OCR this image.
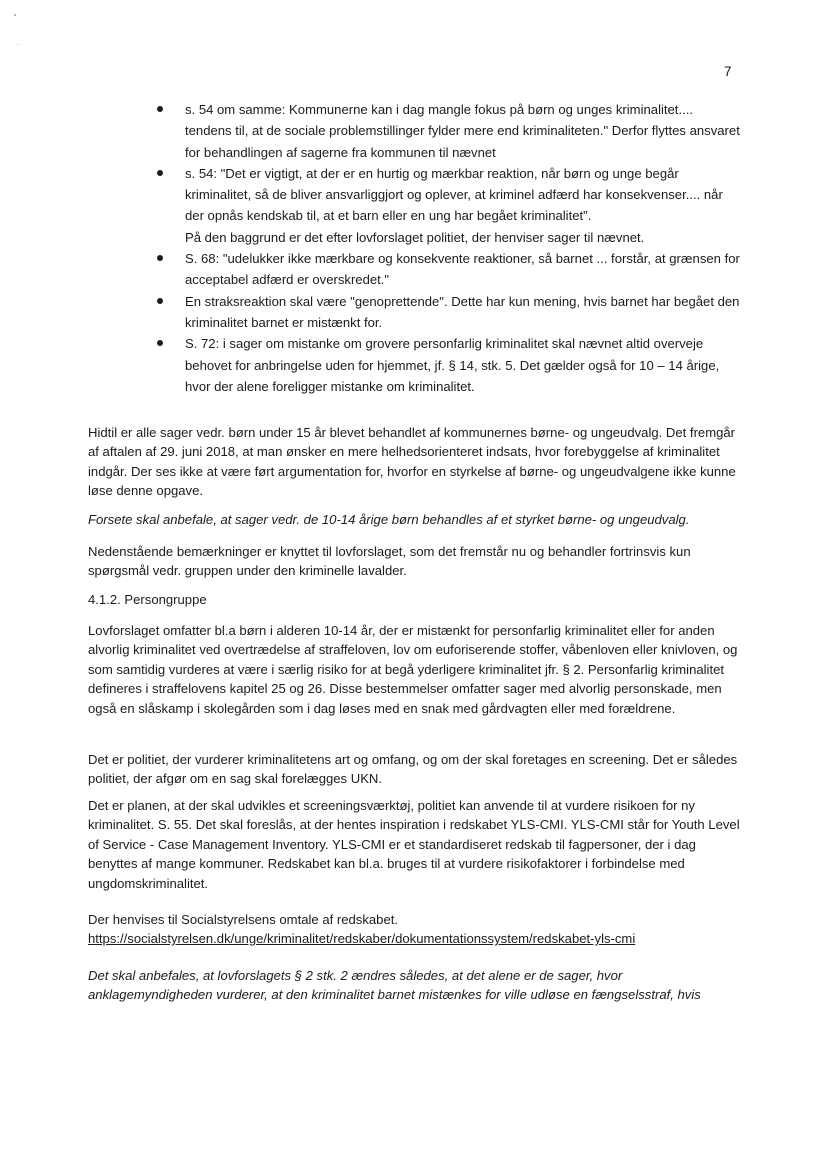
7
s. 54 om samme: Kommunerne kan i dag mangle fokus på børn og unges kriminalitet.... tendens til, at de sociale problemstillinger fylder mere end kriminaliteten." Derfor flyttes ansvaret for behandlingen af sagerne fra kommunen til nævnet
s. 54: "Det er vigtigt, at der er en hurtig og mærkbar reaktion, når børn og unge begår kriminalitet, så de bliver ansvarliggjort og oplever, at kriminel adfærd har konsekvenser.... når der opnås kendskab til, at et barn eller en ung har begået kriminalitet".
På den baggrund er det efter lovforslaget politiet, der henviser sager til nævnet.
S. 68: "udelukker ikke mærkbare og konsekvente reaktioner, så barnet ... forstår, at grænsen for acceptabel adfærd er overskredet."
En straksreaktion skal være "genoprettende". Dette har kun mening, hvis barnet har begået den kriminalitet barnet er mistænkt for.
S. 72: i sager om mistanke om grovere personfarlig kriminalitet skal nævnet altid overveje behovet for anbringelse uden for hjemmet, jf. § 14, stk. 5. Det gælder også for 10 – 14 årige, hvor der alene foreligger mistanke om kriminalitet.

Hidtil er alle sager vedr. børn under 15 år blevet behandlet af kommunernes børne- og ungeudvalg. Det fremgår af aftalen af 29. juni 2018, at man ønsker en mere helhedsorienteret indsats, hvor forebyggelse af kriminalitet indgår. Der ses ikke at være ført argumentation for, hvorfor en styrkelse af børne- og ungeudvalgene ikke kunne løse denne opgave.

Forsete skal anbefale, at sager vedr. de 10-14 årige børn behandles af et styrket børne- og ungeudvalg.

Nedenstående bemærkninger er knyttet til lovforslaget, som det fremstår nu og behandler fortrinsvis kun spørgsmål vedr. gruppen under den kriminelle lavalder.

4.1.2. Persongruppe

Lovforslaget omfatter bl.a børn i alderen 10-14 år, der er mistænkt for personfarlig kriminalitet eller for anden alvorlig kriminalitet ved overtrædelse af straffeloven, lov om euforiserende stoffer, våbenloven eller knivloven, og som samtidig vurderes at være i særlig risiko for at begå yderligere kriminalitet jfr. § 2. Personfarlig kriminalitet defineres i straffelovens kapitel 25 og 26. Disse bestemmelser omfatter sager med alvorlig personskade, men også en slåskamp i skolegården som i dag løses med en snak med gårdvagten eller med forældrene.

Det er politiet, der vurderer kriminalitetens art og omfang, og om der skal foretages en screening. Det er således politiet, der afgør om en sag skal forelægges UKN.

Det er planen, at der skal udvikles et screeningsværktøj, politiet kan anvende til at vurdere risikoen for ny kriminalitet. S. 55. Det skal foreslås, at der hentes inspiration i redskabet YLS-CMI. YLS-CMI står for Youth Level of Service - Case Management Inventory. YLS-CMI er et standardiseret redskab til fagpersoner, der i dag benyttes af mange kommuner. Redskabet kan bl.a. bruges til at vurdere risikofaktorer i forbindelse med ungdomskriminalitet.

Der henvises til Socialstyrelsens omtale af redskabet.

https://socialstyrelsen.dk/unge/kriminalitet/redskaber/dokumentationssystem/redskabet-yls-cmi

Det skal anbefales, at lovforslagets § 2 stk. 2 ændres således, at det alene er de sager, hvor anklagemyndigheden vurderer, at den kriminalitet barnet mistænkes for ville udløse en fængselsstraf, hvis
